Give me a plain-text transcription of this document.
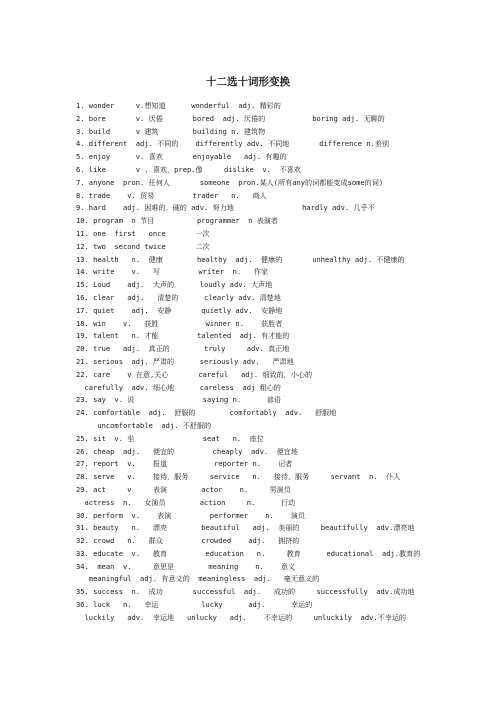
十二选十词形变换
1. wonder     v.想知道      wonderful  adj. 精彩的
2. bore       v. 厌倦       bored  adj. 厌倦的           boring adj. 无聊的
3. build      v 建筑        building n. 建筑物
4. different  adj. 不同的    differently adv. 不同地       difference n.差别
5. enjoy      v. 喜欢       enjoyable   adj. 有趣的
6. like       v . 喜欢，prep.像     dislike  v.  不喜欢
7. anyone  pron. 任何人       someone  pron.某人(所有any的词都能变成some的词)
8. trade    v. 贸易         trader   n.   商人
9. hard    adj. 困难的，硬的 adv. 努力地                hardly adv. 几乎不
10. program  n 节目          programmer  n 表演者
11. one  first   once       一次
12. two  second twice       二次
13. health   n.  健康        healthy  adj.  健康的       unhealthy adj. 不健康的
14. write    v.   写         writer  n.   作家
15. Loud    adj.  大声的      loudly adv. 大声地
16. clear   adj.   清楚的      clearly adv. 清楚地
17. quiet    adj.  安静       quietly adv.  安静地
18. win    v.   获胜           winner n.    获胜者
19. talent   n. 才能         talented  adj. 有才能的
20. true   adj.  真正的        truly     adv. 真正地
21. serious  adj. 严肃的      seriously adv.   严肃地
22. care    v 在意,关心       careful   adj. 细致的，小心的
carefully  adv. 细心地      careless  adj 粗心的
23. say  v. 说                saying n.      谚语
24. comfortable  adj.  舒服的        comfortably  adv.   舒服地
uncomfortable  adj. 不舒服的
25. sit  v. 坐                seat   n.  座位
26. cheap  adj.   便宜的         cheaply  adv.  便宜地
27. report  v.    报道           reporter n.    记者
28. serve   v.    接待，服务     service   n.   接待，服务     servant  n.  仆人
29. act     v     表演        actor    n.     男演员
actress  n.   女演员        action     n.      行动
30. perform  v.    表演         performer    n.    演员
31. beauty   n.   漂亮        beautiful   adj.  美丽的     beautifully  adv.漂亮地
32. crowd   n.   群众         crowded    adj.   拥挤的
33. educate  v.   教育         education   n.     教育      educational  adj.教育的
34.  mean  v.     意思是        meaning    n.    意义
meaningful  adj. 有意义的  meaningless  adj.   毫无意义的
35. success  n.  成功       successful  adj.   成功的     successfully  adv.成功地
36. luck   n.   幸运          lucky      adj.      幸运的
luckily   adv.  幸运地   unlucky   adj.    不幸运的     unluckily  adv.不幸运的
